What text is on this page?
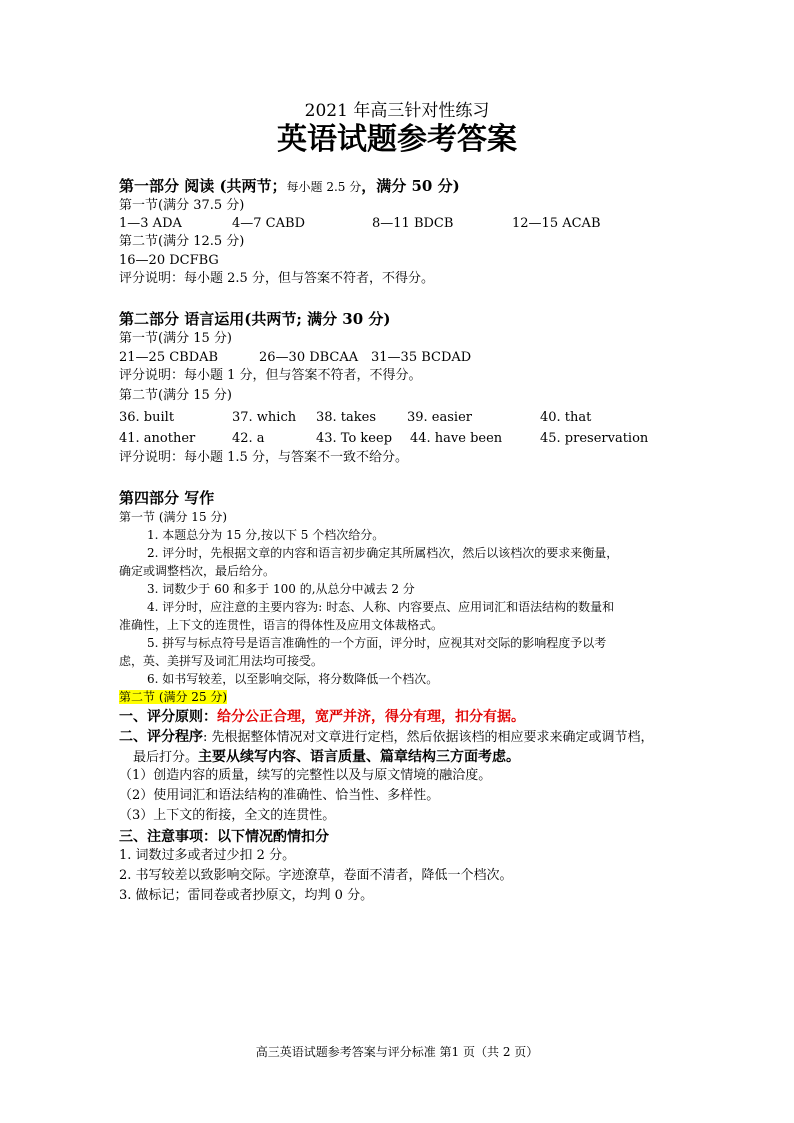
2021 年高三针对性练习
英语试题参考答案
第一部分 阅读 (共两节；每小题 2.5 分，满分 50 分)
第一节(满分 37.5 分)
1—3 ADA	4—7 CABD	8—11 BDCB	12—15 ACAB
第二节(满分 12.5 分)
16—20 DCFBG
评分说明：每小题 2.5 分，但与答案不符者，不得分。
第二部分 语言运用(共两节; 满分 30 分)
第一节(满分 15 分)
21—25 CBDAB	26—30 DBCAA 31—35 BCDAD
评分说明：每小题 1 分，但与答案不符者，不得分。
第二节(满分 15 分)
36. built	37. which 38. takes 39. easier	40. that
41. another	42. a	43. To keep 44. have been	45. preservation
评分说明：每小题 1.5 分，与答案不一致不给分。
第四部分 写作
第一节 (满分 15 分)
1. 本题总分为 15 分,按以下 5 个档次给分。
2. 评分时，先根据文章的内容和语言初步确定其所属档次，然后以该档次的要求来衡量，
确定或调整档次，最后给分。
3. 词数少于 60 和多于 100 的,从总分中减去 2 分
4. 评分时，应注意的主要内容为: 时态、人称、内容要点、应用词汇和语法结构的数量和
准确性，上下文的连贯性，语言的得体性及应用文体裁格式。
5. 拼写与标点符号是语言准确性的一个方面，评分时，应视其对交际的影响程度予以考
虑，英、美拼写及词汇用法均可接受。
6. 如书写较差，以至影响交际，将分数降低一个档次。
第二节 (满分 25 分)
一、评分原则：给分公正合理，宽严并济，得分有理，扣分有据。
二、评分程序: 先根据整体情况对文章进行定档，然后依据该档的相应要求来确定或调节档，
最后打分。主要从续写内容、语言质量、篇章结构三方面考虑。
（1）创造内容的质量，续写的完整性以及与原文情境的融洽度。
（2）使用词汇和语法结构的准确性、恰当性、多样性。
（3）上下文的衔接，全文的连贯性。
三、注意事项：以下情况酌情扣分
1. 词数过多或者过少扣 2 分。
2. 书写较差以致影响交际。字迹潦草，卷面不清者，降低一个档次。
3. 做标记；雷同卷或者抄原文，均判 0 分。
高三英语试题参考答案与评分标准 第1 页（共 2 页）
